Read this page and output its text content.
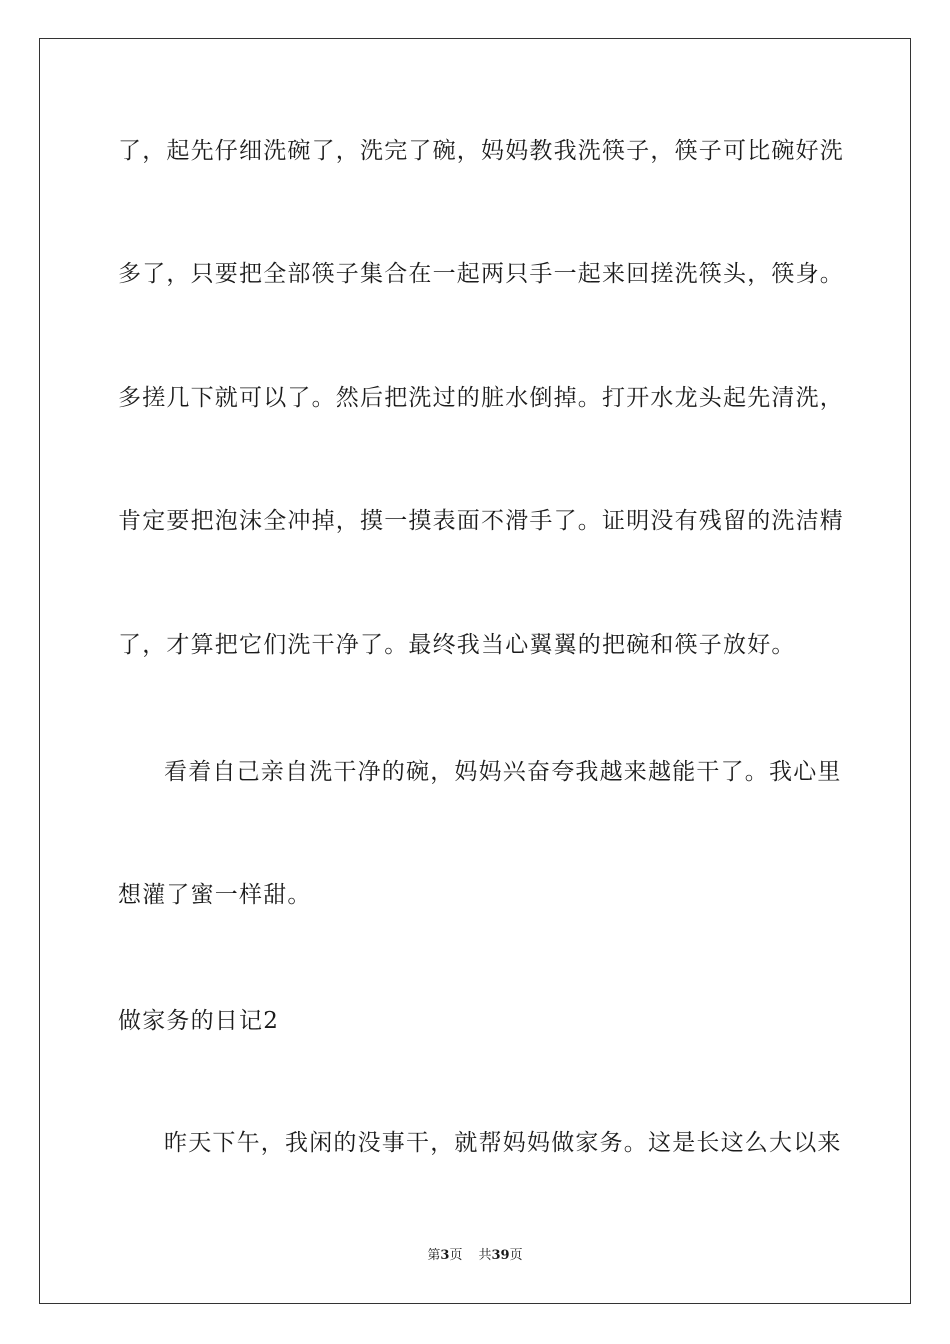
了，起先仔细洗碗了，洗完了碗，妈妈教我洗筷子，筷子可比碗好洗
多了，只要把全部筷子集合在一起两只手一起来回搓洗筷头，筷身。
多搓几下就可以了。然后把洗过的脏水倒掉。打开水龙头起先清洗，
肯定要把泡沫全冲掉，摸一摸表面不滑手了。证明没有残留的洗洁精
了，才算把它们洗干净了。最终我当心翼翼的把碗和筷子放好。
看着自己亲自洗干净的碗，妈妈兴奋夸我越来越能干了。我心里
想灌了蜜一样甜。
做家务的日记2
昨天下午，我闲的没事干，就帮妈妈做家务。这是长这么大以来
第3页 共39页
